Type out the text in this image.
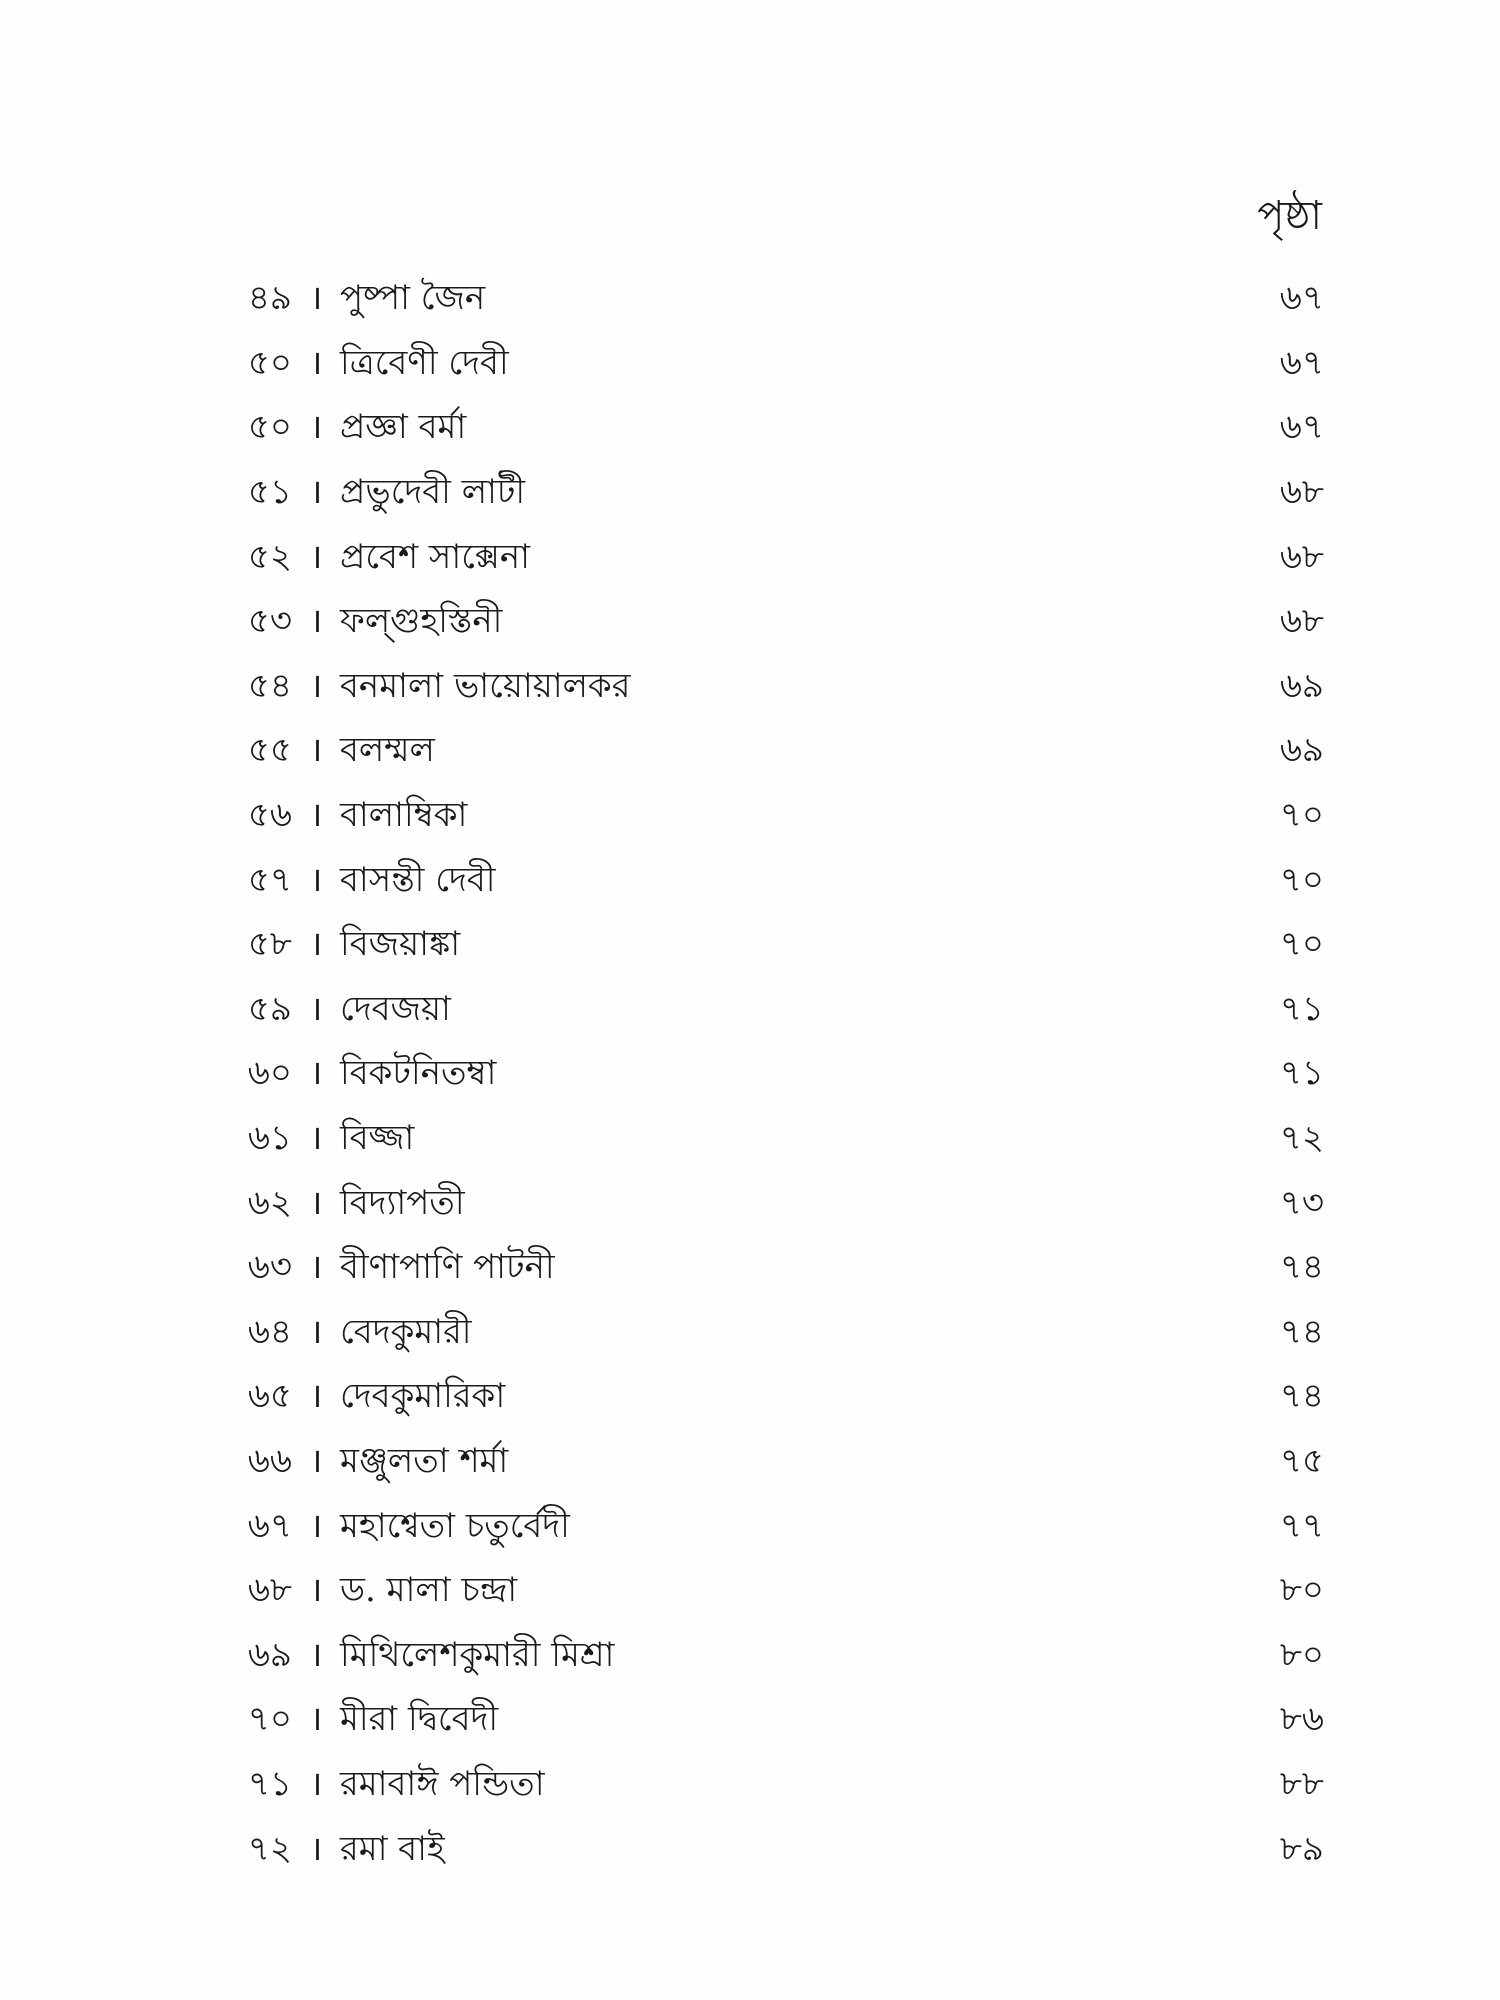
পৃষ্ঠা
৪৯ । পুষ্পা জৈন	৬৭
৫০ । ত্রিবেণী দেবী	৬৭
৫০ । প্রজ্ঞা বর্মা	৬৭
৫১ । প্রভুদেবী লাটী	৬৮
৫২ । প্রবেশ সাক্সেনা	৬৮
৫৩ । ফল্গুহস্তিনী	৬৮
৫৪ । বনমালা ভায়োয়ালকর	৬৯
৫৫ । বলম্মল	৬৯
৫৬ । বালাম্বিকা	৭০
৫৭ । বাসন্তী দেবী	৭০
৫৮ । বিজয়াঙ্কা	৭০
৫৯ । দেবজয়া	৭১
৬০ । বিকটনিতম্বা	৭১
৬১ । বিজ্জা	৭২
৬২ । বিদ্যাপতী	৭৩
৬৩ । বীণাপাণি পাটনী	৭৪
৬৪ । বেদকুমারী	৭৪
৬৫ । দেবকুমারিকা	৭৪
৬৬ । মঞ্জুলতা শর্মা	৭৫
৬৭ । মহাশ্বেতা চতুর্বেদী	৭৭
৬৮ । ড. মালা চন্দ্রা	৮০
৬৯ । মিথিলেশকুমারী মিশ্রা	৮০
৭০ । মীরা দ্বিবেদী	৮৬
৭১ । রমাবাঈ পন্ডিতা	৮৮
৭২ । রমা বাই	৮৯
